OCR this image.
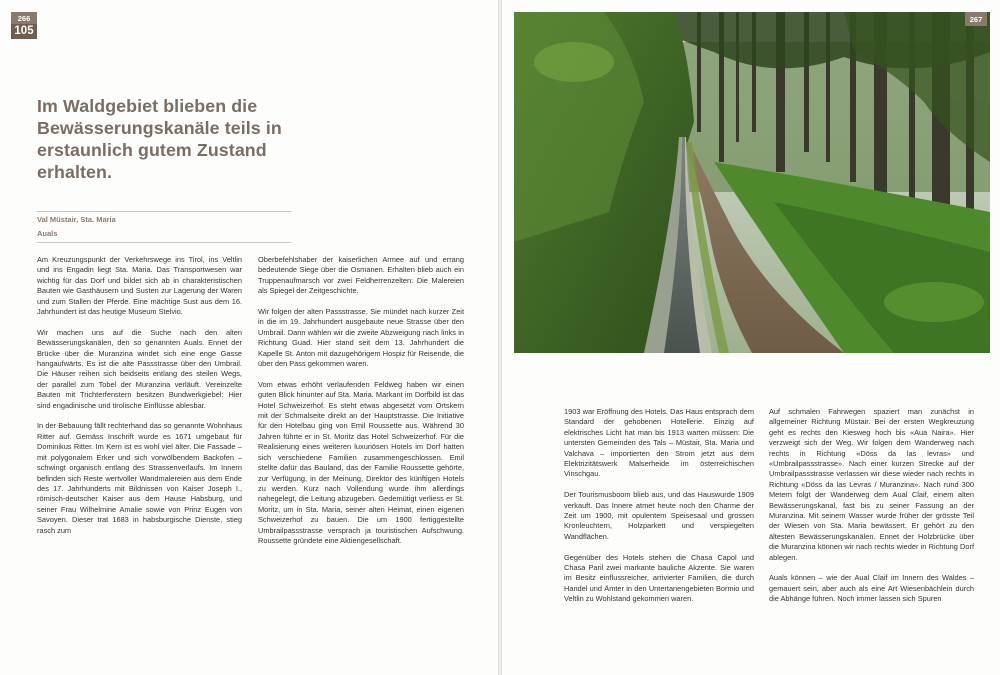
266
105
Im Waldgebiet blieben die Bewässerungskanäle teils in erstaunlich gutem Zustand erhalten.
Val Müstair, Sta. Maria
Auals

Am Kreuzungspunkt der Verkehrswege ins Tirol, ins Veltlin und ins Engadin liegt Sta. Maria. Das Transportwesen war wichtig für das Dorf und bildet sich ab in charakteristischen Bauten wie Gasthäusern und Susten zur Lagerung der Waren und zum Stallen der Pferde. Eine mächtige Sust aus dem 16. Jahrhundert ist das heutige Museum Stelvio.

Wir machen uns auf die Suche nach den alten Bewässerungskanälen, den so genannten Auals. Ennet der Brücke über die Muranzina windet sich eine enge Gasse hangaufwärts. Es ist die alte Passstrasse über den Umbrail. Die Häuser reihen sich beidseits entlang des steilen Wegs, der parallel zum Tobel der Muranzina verläuft. Vereinzelte Bauten mit Trichterfenstern besitzen Bundwerkgiebel: Hier sind engadinische und tirolische Einflüsse ablesbar.

In der Bebauung fällt rechterhand das so genannte Wohnhaus Ritter auf. Gemäss Inschrift wurde es 1671 umgebaut für Dominikus Ritter. Im Kern ist es wohl viel älter. Die Fassade – mit polygonalem Erker und sich vorwölbendem Backofen – schwingt organisch entlang des Strassenverlaufs. Im Innern befinden sich Reste wertvoller Wandmalereien aus dem Ende des 17. Jahrhunderts mit Bildnissen von Kaiser Joseph I., römisch-deutscher Kaiser aus dem Hause Habsburg, und seiner Frau Wilhelmine Amalie sowie von Prinz Eugen von Savoyen. Dieser trat 1683 in habsburgische Dienste, stieg rasch zum

Oberbefehlshaber der kaiserlichen Armee auf und errang bedeutende Siege über die Osmanen. Erhalten blieb auch ein Truppenaufmarsch vor zwei Feldherrenzelten: Die Malereien als Spiegel der Zeitgeschichte.

Wir folgen der alten Passstrasse. Sie mündet nach kurzer Zeit in die im 19. Jahrhundert ausgebaute neue Strasse über den Umbrail. Dann wählen wir die zweite Abzweigung nach links in Richtung Guad. Hier stand seit dem 13. Jahrhundert die Kapelle St. Anton mit dazugehörigem Hospiz für Reisende, die über den Pass gekommen waren.

Vom etwas erhöht verlaufenden Feldweg haben wir einen guten Blick hinunter auf Sta. Maria. Markant im Dorfbild ist das Hotel Schweizerhof. Es steht etwas abgesetzt vom Ortskern mit der Schmalseite direkt an der Hauptstrasse. Die Initiative für den Hotelbau ging von Emil Roussette aus. Während 30 Jahren führte er in St. Moritz das Hotel Schweizerhof. Für die Realisierung eines weiteren luxuriösen Hotels im Dorf hatten sich verschiedene Familien zusammengeschlossen. Emil stellte dafür das Bauland, das der Familie Roussette gehörte, zur Verfügung, in der Meinung, Direktor des künftigen Hotels zu werden. Kurz nach Vollendung wurde ihm allerdings nahegelegt, die Leitung abzugeben. Gedemütigt verliess er St. Moritz, um in Sta. Maria, seiner alten Heimat, einen eigenen Schweizerhof zu bauen. Die um 1900 fertiggestellte Umbrailpassstrasse versprach ja touristischen Aufschwung. Roussette gründete eine Aktiengesellschaft.

267

1903 war Eröffnung des Hotels. Das Haus entsprach dem Standard der gehobenen Hotellerie. Einzig auf elektrisches Licht hat man bis 1913 warten müssen: Die untersten Gemeinden des Tals – Müstair, Sta. Maria und Valchava – importierten den Strom jetzt aus dem Elektrizitätswerk Malserheide im österreichischen Vinschgau.

Der Tourismusboom blieb aus, und das Hauswurde 1909 verkauft. Das Innere atmet heute noch den Charme der Zeit um 1900, mit opulentem Speisesaal und grossen Kronleuchtern, Holzparkett und verspiegelten Wandflächen.

Gegenüber des Hotels stehen die Chasa Capol und Chasa Paril zwei markante bauliche Akzente. Sie waren im Besitz einflussreicher, arrivierter Familien, die durch Handel und Ämter in den Untertanengebieten Bormio und Veltlin zu Wohlstand gekommen waren.

Auf schmalen Fahrwegen spaziert man zunächst in allgemeiner Richtung Müstair. Bei der ersten Wegkreuzung geht es rechts den Kiesweg hoch bis «Aua Naira». Hier verzweigt sich der Weg. Wir folgen dem Wanderweg nach rechts in Richtung «Döss da las levras» und «Umbrailpassstrasse». Nach einer kurzen Strecke auf der Umbrailpassstrasse verlassen wir diese wieder nach rechts in Richtung «Döss da las Levras / Muranzina». Nach rund 300 Metern folgt der Wanderweg dem Aual Claif, einem alten Bewässerungskanal, fast bis zu seiner Fassung an der Muranzina. Mit seinem Wasser wurde früher der grösste Teil der Wiesen von Sta. Maria bewässert. Er gehört zu den ältesten Bewässerungskanälen. Ennet der Holzbrücke über die Muranzina können wir nach rechts wieder in Richtung Dorf ablegen.

Auals können – wie der Aual Claif im Innern des Waldes – gemauert sein, aber auch als eine Art Wiesenbächlein durch die Abhänge führen. Noch immer lassen sich Spuren
